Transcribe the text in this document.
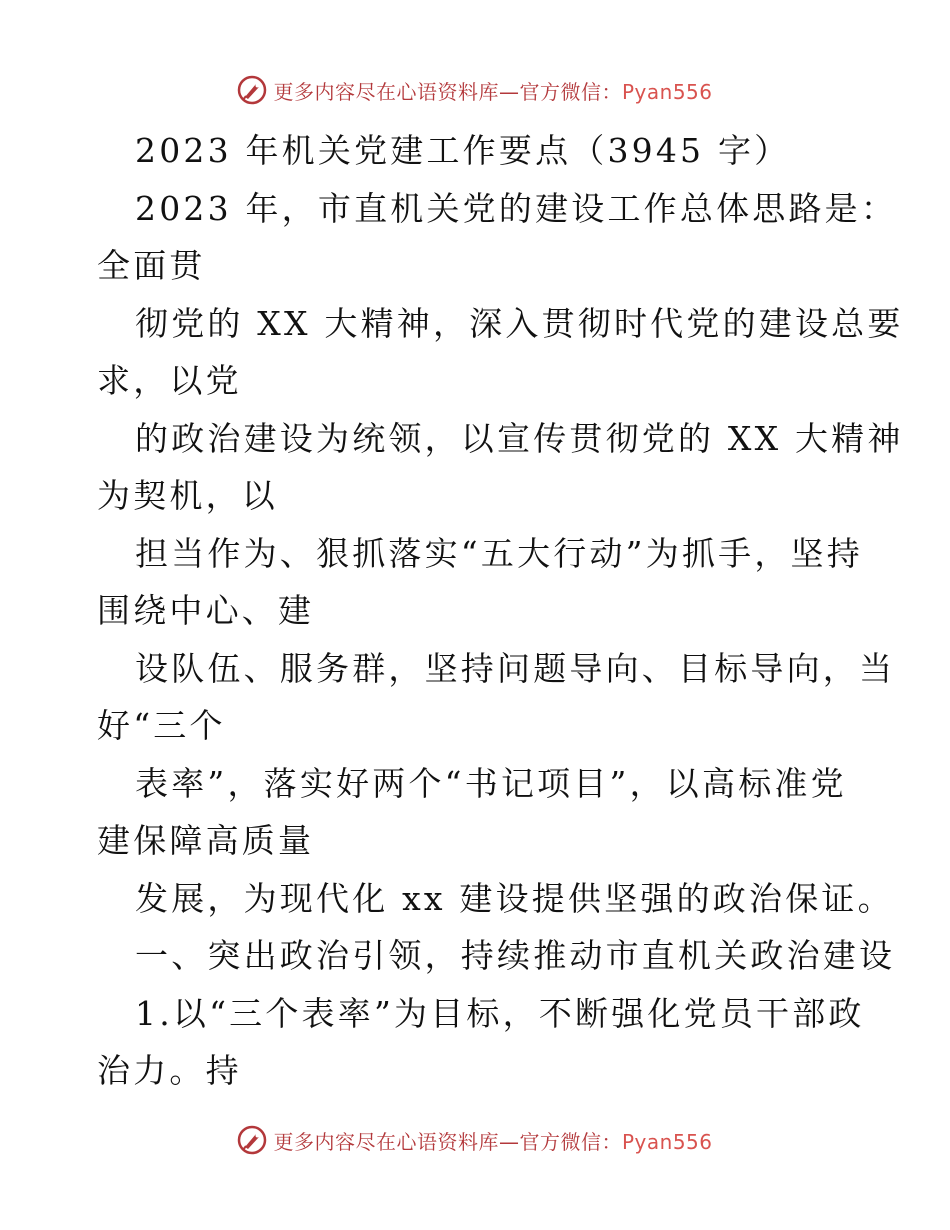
更多内容尽在心语资料库—官方微信：Pyan556
2023 年机关党建工作要点（3945 字）
2023 年，市直机关党的建设工作总体思路是：
全面贯
彻党的 XX 大精神，深入贯彻时代党的建设总要
求，以党
的政治建设为统领，以宣传贯彻党的 XX 大精神
为契机，以
担当作为、狠抓落实“五大行动”为抓手，坚持
围绕中心、建
设队伍、服务群，坚持问题导向、目标导向，当
好“三个
表率”，落实好两个“书记项目”，以高标准党
建保障高质量
发展，为现代化 xx 建设提供坚强的政治保证。
一、突出政治引领，持续推动市直机关政治建设
1.以“三个表率”为目标，不断强化党员干部政
治力。持
更多内容尽在心语资料库—官方微信：Pyan556
